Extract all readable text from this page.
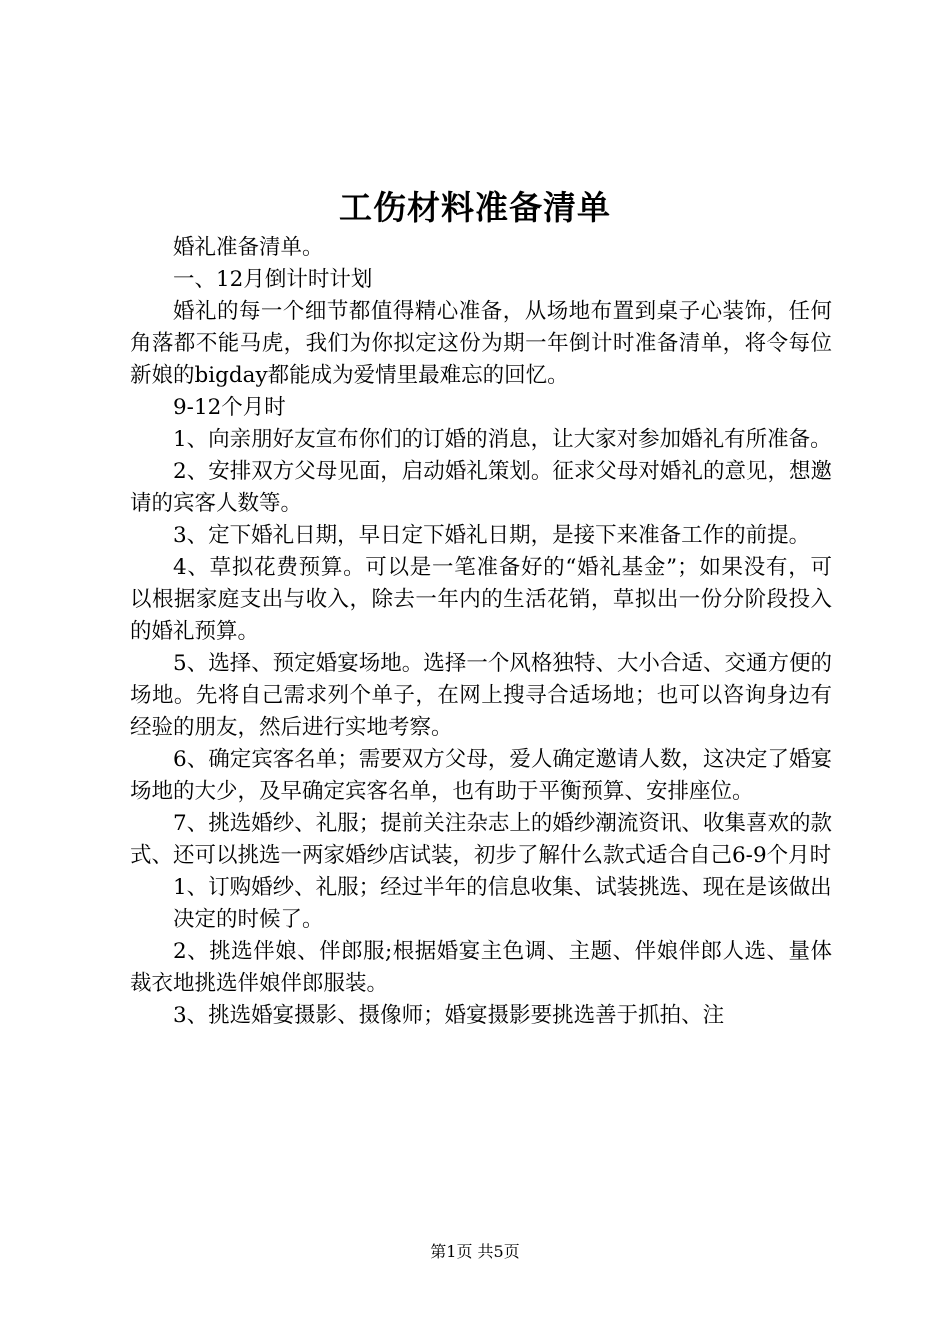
工伤材料准备清单

婚礼准备清单。

一、12月倒计时计划

婚礼的每一个细节都值得精心准备，从场地布置到桌子心装饰，任何角落都不能马虎，我们为你拟定这份为期一年倒计时准备清单，将令每位新娘的bigday都能成为爱情里最难忘的回忆。

9-12个月时

1、向亲朋好友宣布你们的订婚的消息，让大家对参加婚礼有所准备。

2、安排双方父母见面，启动婚礼策划。征求父母对婚礼的意见，想邀请的宾客人数等。

3、定下婚礼日期，早日定下婚礼日期，是接下来准备工作的前提。

4、草拟花费预算。可以是一笔准备好的“婚礼基金”；如果没有，可以根据家庭支出与收入，除去一年内的生活花销，草拟出一份分阶段投入的婚礼预算。

5、选择、预定婚宴场地。选择一个风格独特、大小合适、交通方便的场地。先将自己需求列个单子，在网上搜寻合适场地；也可以咨询身边有经验的朋友，然后进行实地考察。

6、确定宾客名单；需要双方父母，爱人确定邀请人数，这决定了婚宴场地的大少，及早确定宾客名单，也有助于平衡预算、安排座位。

7、挑选婚纱、礼服；提前关注杂志上的婚纱潮流资讯、收集喜欢的款式、还可以挑选一两家婚纱店试装，初步了解什么款式适合自己6-9个月时

1、订购婚纱、礼服；经过半年的信息收集、试装挑选、现在是该做出

决定的时候了。

2、挑选伴娘、伴郎服;根据婚宴主色调、主题、伴娘伴郎人选、量体裁衣地挑选伴娘伴郎服装。

3、挑选婚宴摄影、摄像师；婚宴摄影要挑选善于抓拍、注

第1页 共5页
